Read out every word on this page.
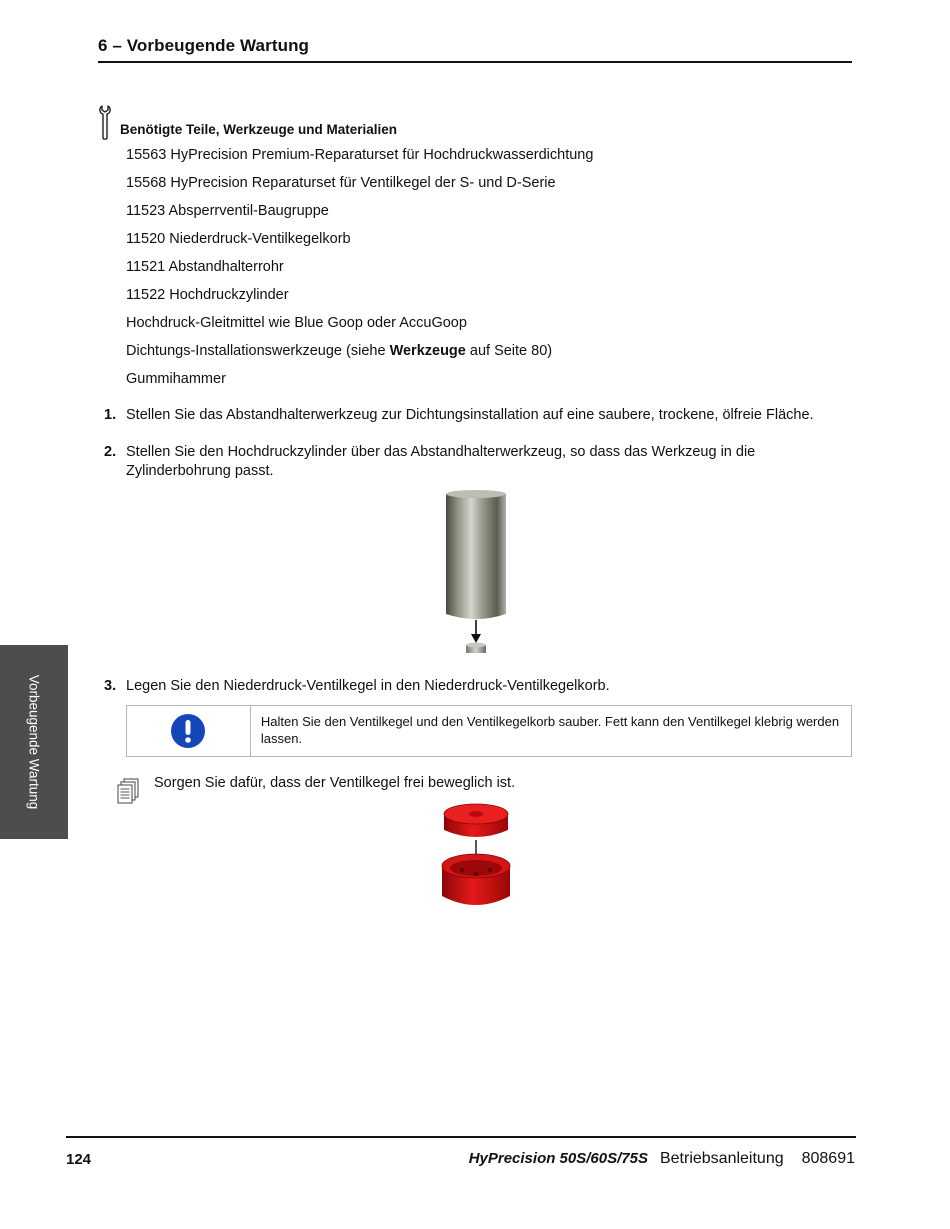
6 – Vorbeugende Wartung
Benötigte Teile, Werkzeuge und Materialien
15563 HyPrecision Premium-Reparaturset für Hochdruckwasserdichtung
15568 HyPrecision Reparaturset für Ventilkegel der S- und D-Serie
11523 Absperrventil-Baugruppe
11520 Niederdruck-Ventilkegelkorb
11521 Abstandhalterrohr
11522 Hochdruckzylinder
Hochdruck-Gleitmittel wie Blue Goop oder AccuGoop
Dichtungs-Installationswerkzeuge (siehe Werkzeuge auf Seite 80)
Gummihammer
1. Stellen Sie das Abstandhalterwerkzeug zur Dichtungsinstallation auf eine saubere, trockene, ölfreie Fläche.
2. Stellen Sie den Hochdruckzylinder über das Abstandhalterwerkzeug, so dass das Werkzeug in die Zylinderbohrung passt.
3. Legen Sie den Niederdruck-Ventilkegel in den Niederdruck-Ventilkegelkorb.
Halten Sie den Ventilkegel und den Ventilkegelkorb sauber. Fett kann den Ventilkegel klebrig werden lassen.
Sorgen Sie dafür, dass der Ventilkegel frei beweglich ist.
Vorbeugende Wartung
124	HyPrecision 50S/60S/75S Betriebsanleitung 808691
